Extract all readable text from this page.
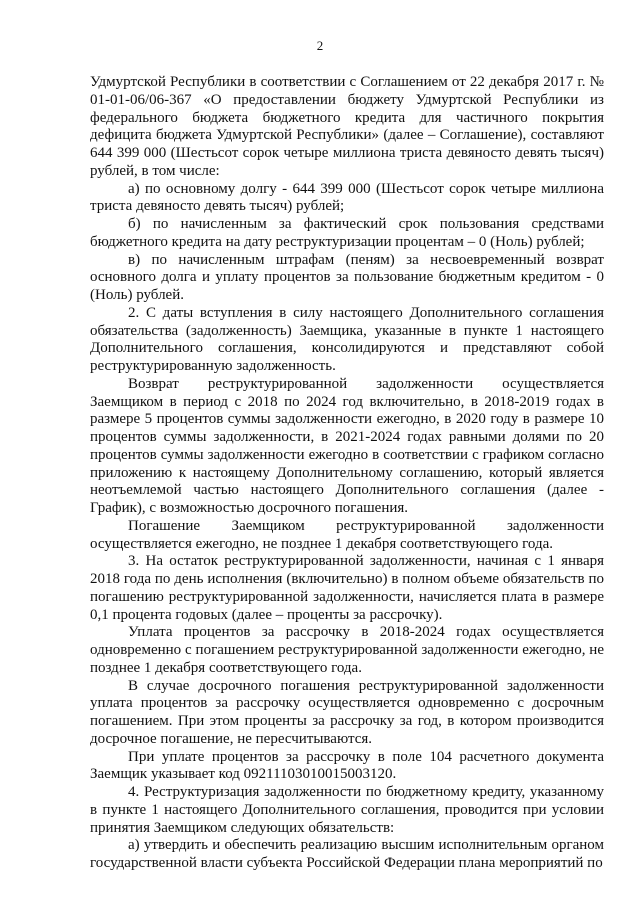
2

Удмуртской Республики в соответствии с Соглашением от 22 декабря 2017 г. № 01-01-06/06-367 «О предоставлении бюджету Удмуртской Республики из федерального бюджета бюджетного кредита для частичного покрытия дефицита бюджета Удмуртской Республики» (далее – Соглашение), составляют 644 399 000 (Шестьсот сорок четыре миллиона триста девяносто девять тысяч) рублей, в том числе:

а) по основному долгу - 644 399 000 (Шестьсот сорок четыре миллиона триста девяносто девять тысяч) рублей;

б) по начисленным за фактический срок пользования средствами бюджетного кредита на дату реструктуризации процентам – 0 (Ноль) рублей;

в) по начисленным штрафам (пеням) за несвоевременный возврат основного долга и уплату процентов за пользование бюджетным кредитом - 0 (Ноль) рублей.

2. С даты вступления в силу настоящего Дополнительного соглашения обязательства (задолженность) Заемщика, указанные в пункте 1 настоящего Дополнительного соглашения, консолидируются и представляют собой реструктурированную задолженность.

Возврат реструктурированной задолженности осуществляется Заемщиком в период с 2018 по 2024 год включительно, в 2018-2019 годах в размере 5 процентов суммы задолженности ежегодно, в 2020 году в размере 10 процентов суммы задолженности, в 2021-2024 годах равными долями по 20 процентов суммы задолженности ежегодно в соответствии с графиком согласно приложению к настоящему Дополнительному соглашению, который является неотъемлемой частью настоящего Дополнительного соглашения (далее - График), с возможностью досрочного погашения.

Погашение Заемщиком реструктурированной задолженности осуществляется ежегодно, не позднее 1 декабря соответствующего года.

3. На остаток реструктурированной задолженности, начиная с 1 января 2018 года по день исполнения (включительно) в полном объеме обязательств по погашению реструктурированной задолженности, начисляется плата в размере 0,1 процента годовых (далее – проценты за рассрочку).

Уплата процентов за рассрочку в 2018-2024 годах осуществляется одновременно с погашением реструктурированной задолженности ежегодно, не позднее 1 декабря соответствующего года.

В случае досрочного погашения реструктурированной задолженности уплата процентов за рассрочку осуществляется одновременно с досрочным погашением. При этом проценты за рассрочку за год, в котором производится досрочное погашение, не пересчитываются.

При уплате процентов за рассрочку в поле 104 расчетного документа Заемщик указывает код 09211103010015003120.

4. Реструктуризация задолженности по бюджетному кредиту, указанному в пункте 1 настоящего Дополнительного соглашения, проводится при условии принятия Заемщиком следующих обязательств:

а) утвердить и обеспечить реализацию высшим исполнительным органом государственной власти субъекта Российской Федерации плана мероприятий по
